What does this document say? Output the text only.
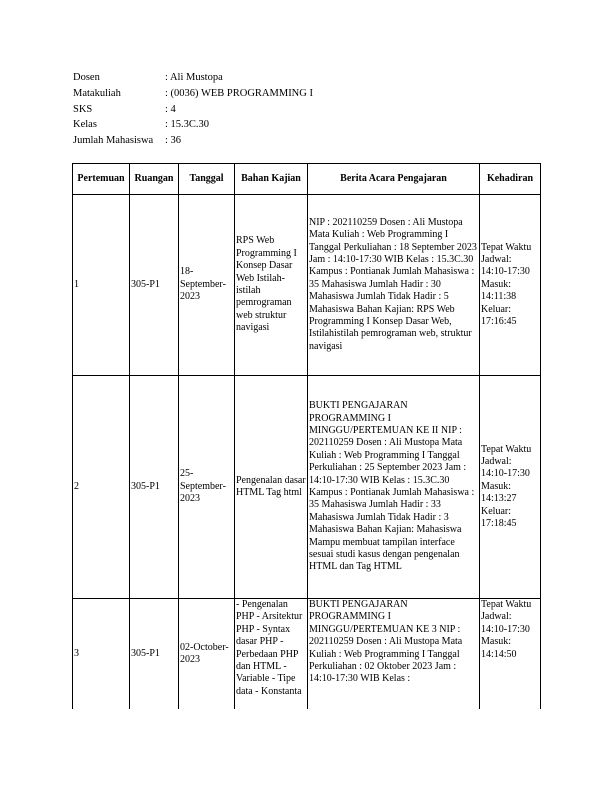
Dosen	: Ali Mustopa
Matakuliah	: (0036) WEB PROGRAMMING I
SKS	: 4
Kelas	: 15.3C.30
Jumlah Mahasiswa	: 36
Pertemuan	Ruangan	Tanggal	Bahan Kajian	Berita Acara Pengajaran	Kehadiran
1	305-P1	18-September-2023	RPS Web Programming I Konsep Dasar Web Istilah-istilah pemrograman web struktur navigasi	NIP : 202110259 Dosen : Ali Mustopa Mata Kuliah : Web Programming I Tanggal Perkuliahan : 18 September 2023 Jam : 14:10-17:30 WIB Kelas : 15.3C.30 Kampus : Pontianak Jumlah Mahasiswa : 35 Mahasiswa Jumlah Hadir : 30 Mahasiswa Jumlah Tidak Hadir : 5 Mahasiswa Bahan Kajian: RPS Web Programming I Konsep Dasar Web, Istilahistilah pemrograman web, struktur navigasi	Tepat Waktu Jadwal: 14:10-17:30 Masuk: 14:11:38 Keluar: 17:16:45
2	305-P1	25-September-2023	Pengenalan dasar HTML Tag html	BUKTI PENGAJARAN PROGRAMMING I MINGGU/PERTEMUAN KE II NIP : 202110259 Dosen : Ali Mustopa Mata Kuliah : Web Programming I Tanggal Perkuliahan : 25 September 2023 Jam : 14:10-17:30 WIB Kelas : 15.3C.30 Kampus : Pontianak Jumlah Mahasiswa : 35 Mahasiswa Jumlah Hadir : 33 Mahasiswa Jumlah Tidak Hadir : 3 Mahasiswa Bahan Kajian: Mahasiswa Mampu membuat tampilan interface sesuai studi kasus dengan pengenalan HTML dan Tag HTML	Tepat Waktu Jadwal: 14:10-17:30 Masuk: 14:13:27 Keluar: 17:18:45
3	305-P1	02-October-2023	- Pengenalan PHP - Arsitektur PHP - Syntax dasar PHP - Perbedaan PHP dan HTML - Variable - Tipe data - Konstanta	BUKTI PENGAJARAN PROGRAMMING I MINGGU/PERTEMUAN KE 3 NIP : 202110259 Dosen : Ali Mustopa Mata Kuliah : Web Programming I Tanggal Perkuliahan : 02 Oktober 2023 Jam : 14:10-17:30 WIB Kelas :	Tepat Waktu Jadwal: 14:10-17:30 Masuk: 14:14:50
